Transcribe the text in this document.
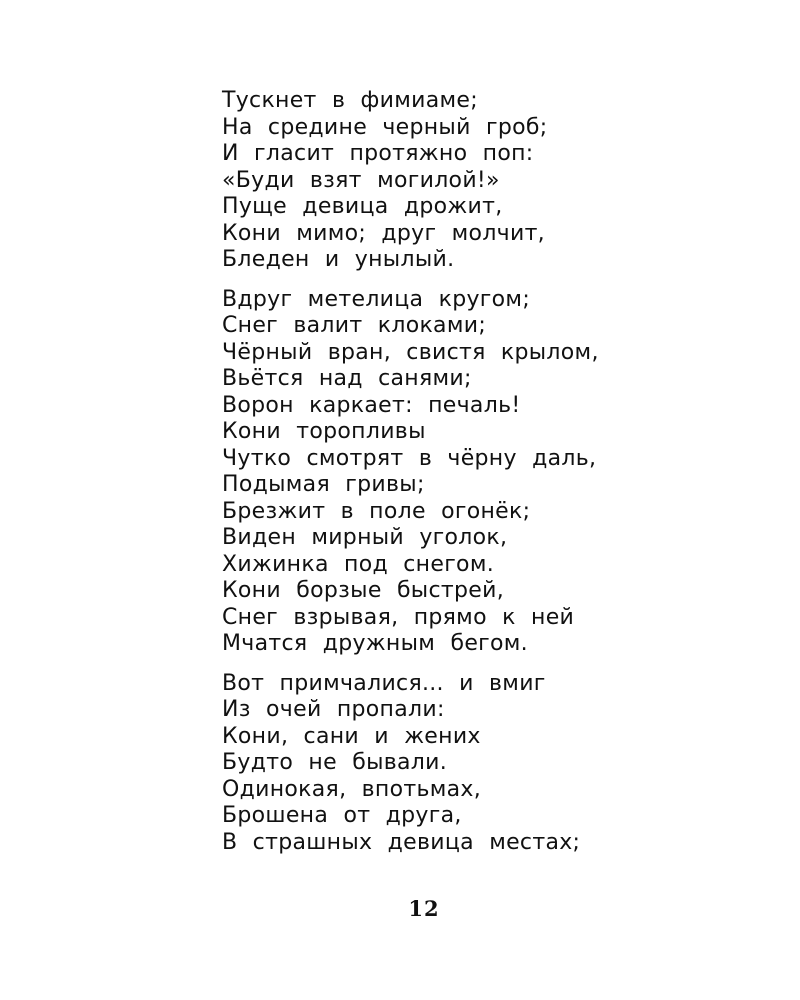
Тускнет в фимиаме;
На средине черный гроб;
И гласит протяжно поп:
«Буди взят могилой!»
Пуще девица дрожит,
Кони мимо; друг молчит,
Бледен и унылый.
Вдруг метелица кругом;
Снег валит клоками;
Чёрный вран, свистя крылом,
Вьётся над санями;
Ворон каркает: печаль!
Кони торопливы
Чутко смотрят в чёрну даль,
Подымая гривы;
Брезжит в поле огонёк;
Виден мирный уголок,
Хижинка под снегом.
Кони борзые быстрей,
Снег взрывая, прямо к ней
Мчатся дружным бегом.
Вот примчалися... и вмиг
Из очей пропали:
Кони, сани и жених
Будто не бывали.
Одинокая, впотьмах,
Брошена от друга,
В страшных девица местах;
12
